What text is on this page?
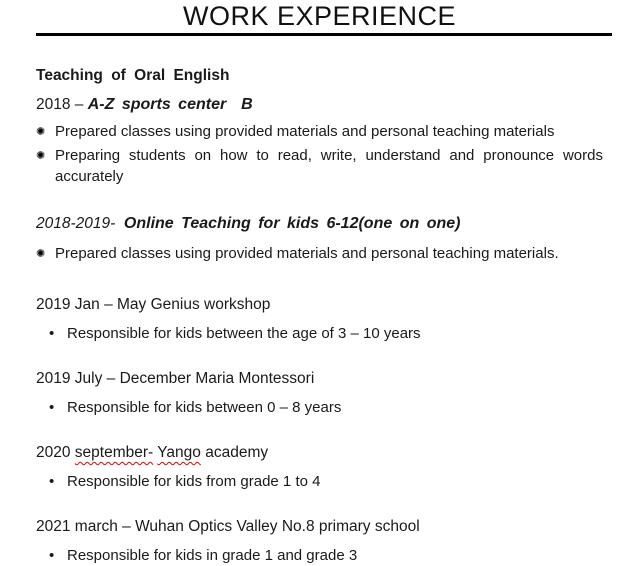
WORK EXPERIENCE

Teaching of Oral English

2018 – A-Z sports center  B

✺ Prepared classes using provided materials and personal teaching materials
✺ Preparing students on how to read, write, understand and pronounce words accurately

2018-2019-  Online Teaching for kids 6-12(one on one)

✺ Prepared classes using provided materials and personal teaching materials.

2019 Jan – May Genius workshop

• Responsible for kids between the age of 3 – 10 years

2019 July – December Maria Montessori

• Responsible for kids between 0 – 8 years

2020 september- Yango academy

• Responsible for kids from grade 1 to 4

2021 march – Wuhan Optics Valley No.8 primary school

• Responsible for kids in grade 1 and grade 3
